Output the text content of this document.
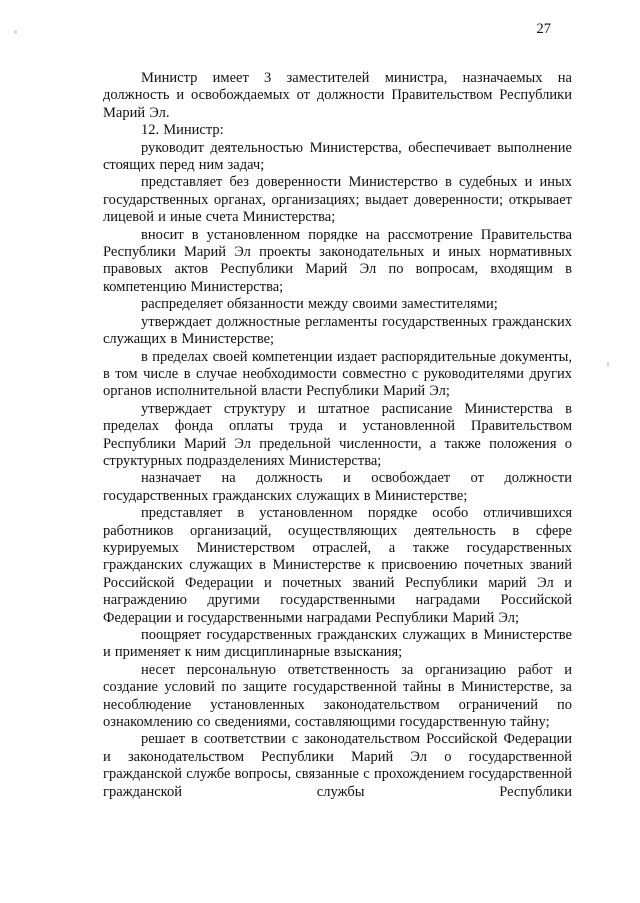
27

Министр имеет 3 заместителей министра, назначаемых на должность и освобождаемых от должности Правительством Республики Марий Эл.

12. Министр:

руководит деятельностью Министерства, обеспечивает выполнение стоящих перед ним задач;

представляет без доверенности Министерство в судебных и иных государственных органах, организациях; выдает доверенности; открывает лицевой и иные счета Министерства;

вносит в установленном порядке на рассмотрение Правительства Республики Марий Эл проекты законодательных и иных нормативных правовых актов Республики Марий Эл по вопросам, входящим в компетенцию Министерства;

распределяет обязанности между своими заместителями;

утверждает должностные регламенты государственных гражданских служащих в Министерстве;

в пределах своей компетенции издает распорядительные документы, в том числе в случае необходимости совместно с руководителями других органов исполнительной власти Республики Марий Эл;

утверждает структуру и штатное расписание Министерства в пределах фонда оплаты труда и установленной Правительством Республики Марий Эл предельной численности, а также положения о структурных подразделениях Министерства;

назначает на должность и освобождает от должности государственных гражданских служащих в Министерстве;

представляет в установленном порядке особо отличившихся работников организаций, осуществляющих деятельность в сфере курируемых Министерством отраслей, а также государственных гражданских служащих в Министерстве к присвоению почетных званий Российской Федерации и почетных званий Республики марий Эл и награждению другими государственными наградами Российской Федерации и государственными наградами Республики Марий Эл;

поощряет государственных гражданских служащих в Министерстве и применяет к ним дисциплинарные взыскания;

несет персональную ответственность за организацию работ и создание условий по защите государственной тайны в Министерстве, за несоблюдение установленных законодательством ограничений по ознакомлению со сведениями, составляющими государственную тайну;

решает в соответствии с законодательством Российской Федерации и законодательством Республики Марий Эл о государственной гражданской службе вопросы, связанные с прохождением государственной гражданской службы Республики
